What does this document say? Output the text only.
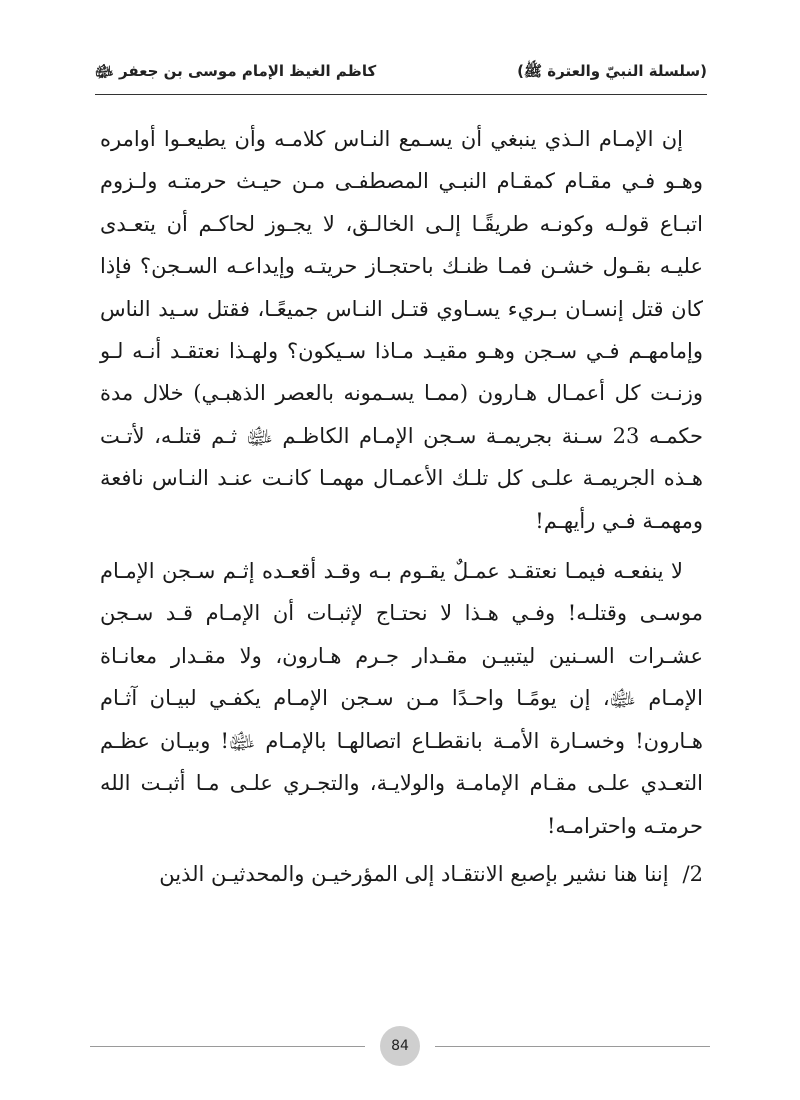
(سلسلة النبيّ والعترة ﷺ)
كاظم الغيظ الإمام موسى بن جعفر ﵉

إن الإمـام الـذي ينبغي أن يسـمع النـاس كلامـه وأن يطيعـوا أوامره وهـو فـي مقـام كمقـام النبـي المصطفـى مـن حيـث حرمتـه ولـزوم اتبـاع قولـه وكونـه طريقًـا إلـى الخالـق، لا يجـوز لحاكـم أن يتعـدى عليـه بقـول خشـن فمـا ظنـك باحتجـاز حريتـه وإيداعـه السـجن؟ فإذا كان قتل إنسـان بـريء يسـاوي قتـل النـاس جميعًـا، فقتل سـيد الناس وإمامهـم فـي سـجن وهـو مقيـد مـاذا سـيكون؟ ولهـذا نعتقـد أنـه لـو وزنـت كل أعمـال هـارون (ممـا يسـمونه بالعصر الذهبـي) خلال مدة حكمـه 23 سـنة بجريمـة سـجن الإمـام الكاظـم ﵉ ثـم قتلـه، لأتـت هـذه الجريمـة علـى كل تلـك الأعمـال مهمـا كانـت عنـد النـاس نافعة ومهمـة فـي رأيهـم!

لا ينفعـه فيمـا نعتقـد عمـلٌ يقـوم بـه وقـد أقعـده إثـم سـجن الإمـام موسـى وقتلـه! وفـي هـذا لا نحتـاج لإثبـات أن الإمـام قـد سـجن عشـرات السـنين ليتبيـن مقـدار جـرم هـارون، ولا مقـدار معانـاة الإمـام ﵉، إن يومًـا واحـدًا مـن سـجن الإمـام يكفـي لبيـان آثـام هـارون! وخسـارة الأمـة بانقطـاع اتصالهـا بالإمـام ﵉! وبيـان عظـم التعـدي علـى مقـام الإمامـة والولايـة، والتجـري علـى مـا أثبـت الله حرمتـه واحترامـه!

2/إننا هنا نشير بإصبع الانتقـاد إلى المؤرخيـن والمحدثيـن الذين

84
